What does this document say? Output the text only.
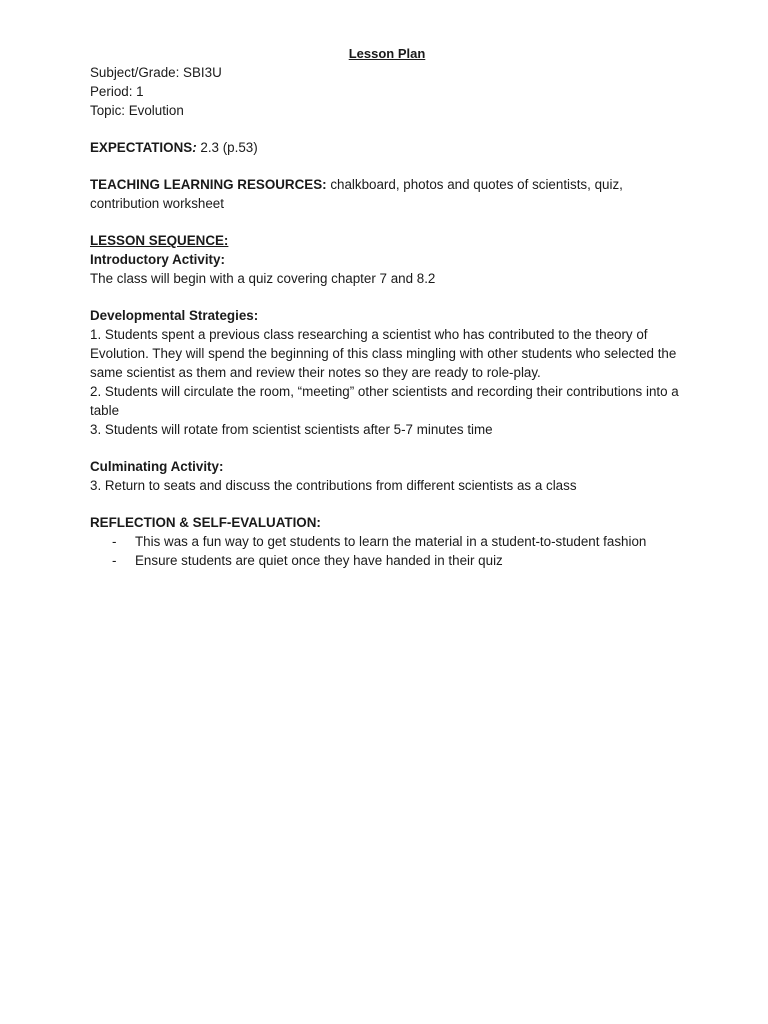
Lesson Plan
Subject/Grade: SBI3U
Period: 1
Topic: Evolution
EXPECTATIONS: 2.3 (p.53)
TEACHING LEARNING RESOURCES: chalkboard, photos and quotes of scientists, quiz, contribution worksheet
LESSON SEQUENCE:
Introductory Activity:
The class will begin with a quiz covering chapter 7 and 8.2
Developmental Strategies:
1. Students spent a previous class researching a scientist who has contributed to the theory of Evolution. They will spend the beginning of this class mingling with other students who selected the same scientist as them and review their notes so they are ready to role-play.
2. Students will circulate the room, “meeting” other scientists and recording their contributions into a table
3. Students will rotate from scientist scientists after 5-7 minutes time
Culminating Activity:
3. Return to seats and discuss the contributions from different scientists as a class
REFLECTION & SELF-EVALUATION:
- This was a fun way to get students to learn the material in a student-to-student fashion
- Ensure students are quiet once they have handed in their quiz
